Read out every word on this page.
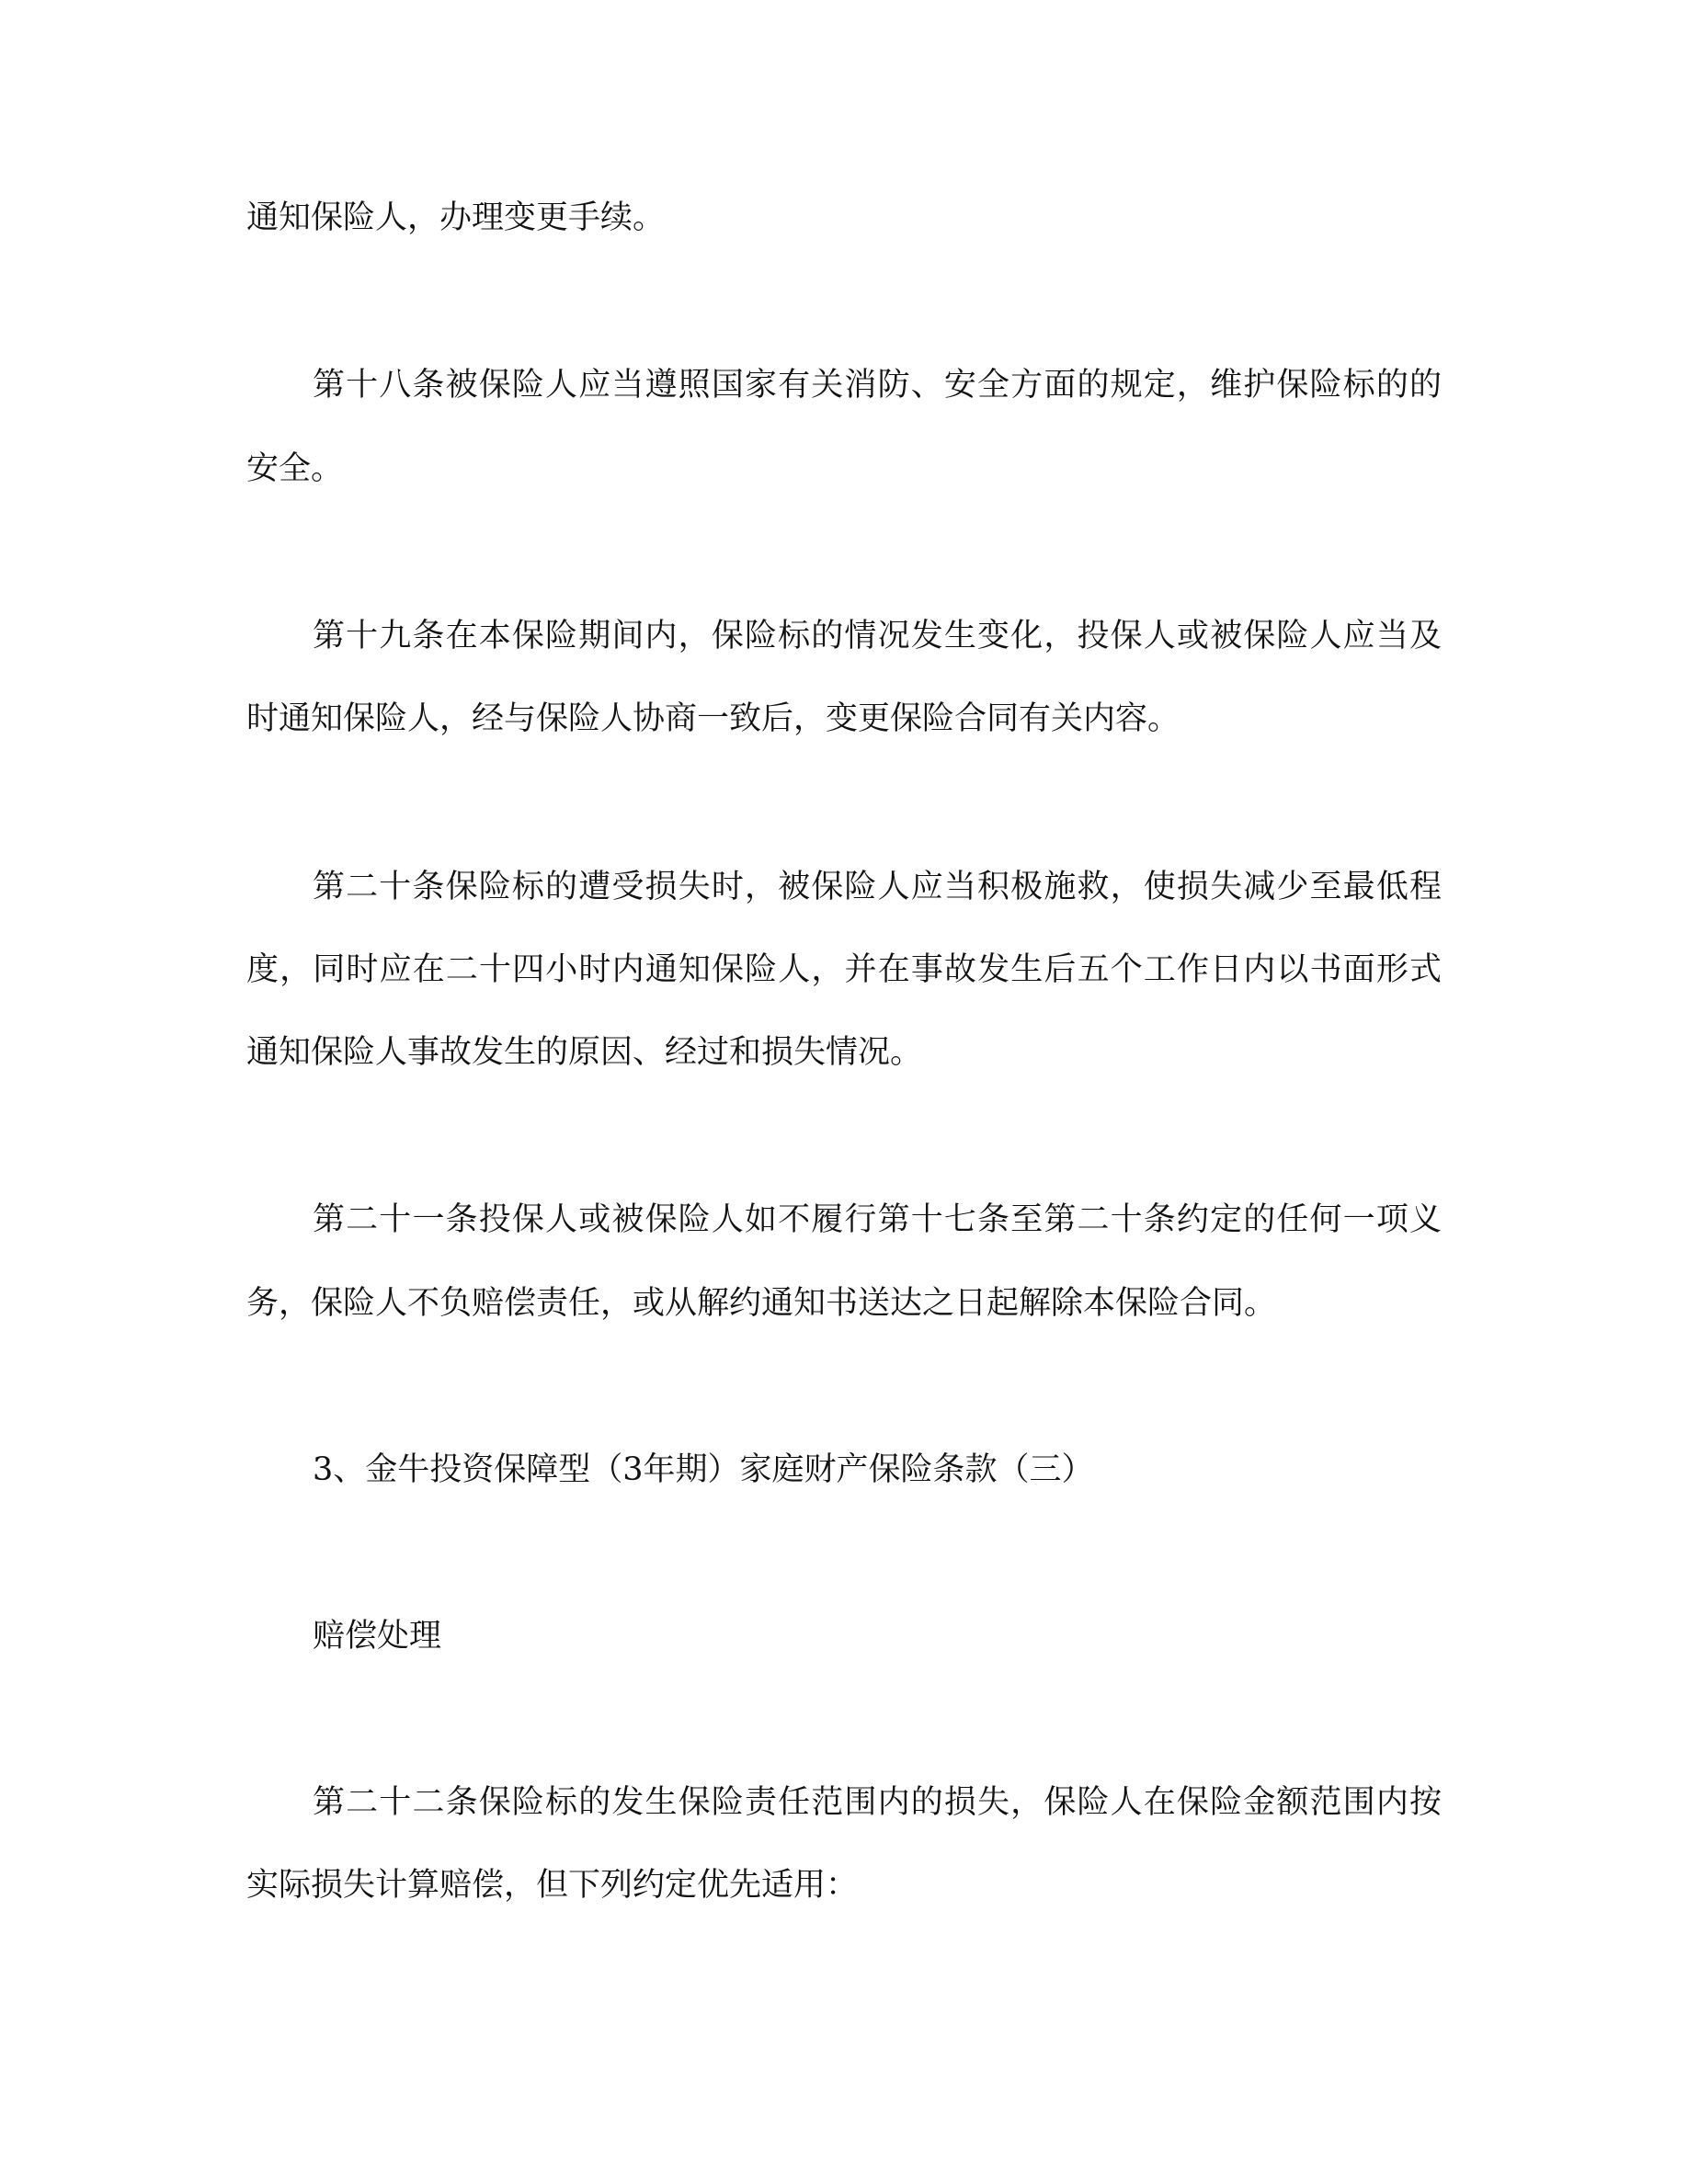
通知保险人，办理变更手续。

第十八条被保险人应当遵照国家有关消防、安全方面的规定，维护保险标的的

安全。

第十九条在本保险期间内，保险标的情况发生变化，投保人或被保险人应当及

时通知保险人，经与保险人协商一致后，变更保险合同有关内容。

第二十条保险标的遭受损失时，被保险人应当积极施救，使损失减少至最低程

度，同时应在二十四小时内通知保险人，并在事故发生后五个工作日内以书面形式

通知保险人事故发生的原因、经过和损失情况。

第二十一条投保人或被保险人如不履行第十七条至第二十条约定的任何一项义

务，保险人不负赔偿责任，或从解约通知书送达之日起解除本保险合同。

3、金牛投资保障型（3年期）家庭财产保险条款（三）

赔偿处理

第二十二条保险标的发生保险责任范围内的损失，保险人在保险金额范围内按

实际损失计算赔偿，但下列约定优先适用：
